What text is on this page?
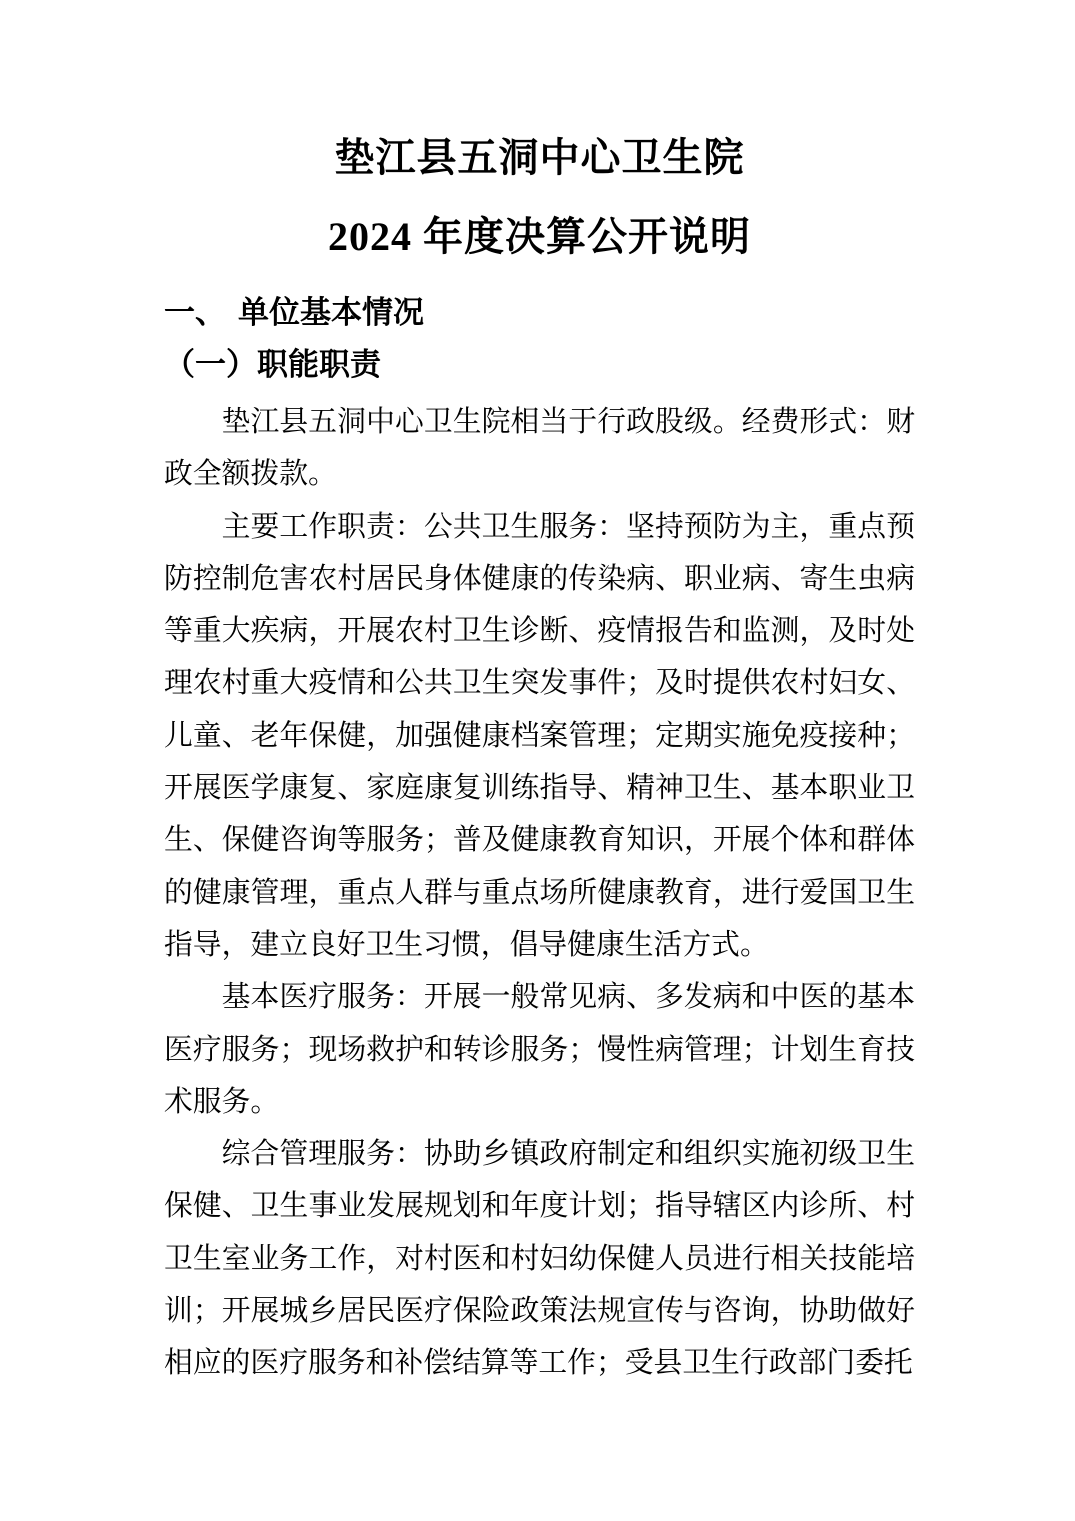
垫江县五洞中心卫生院
2024 年度决算公开说明
一、 单位基本情况
（一）职能职责

垫江县五洞中心卫生院相当于行政股级。经费形式：财政全额拨款。

主要工作职责：公共卫生服务：坚持预防为主，重点预防控制危害农村居民身体健康的传染病、职业病、寄生虫病等重大疾病，开展农村卫生诊断、疫情报告和监测，及时处理农村重大疫情和公共卫生突发事件；及时提供农村妇女、儿童、老年保健，加强健康档案管理；定期实施免疫接种；开展医学康复、家庭康复训练指导、精神卫生、基本职业卫生、保健咨询等服务；普及健康教育知识，开展个体和群体的健康管理，重点人群与重点场所健康教育，进行爱国卫生指导，建立良好卫生习惯，倡导健康生活方式。

基本医疗服务：开展一般常见病、多发病和中医的基本医疗服务；现场救护和转诊服务；慢性病管理；计划生育技术服务。

综合管理服务：协助乡镇政府制定和组织实施初级卫生保健、卫生事业发展规划和年度计划；指导辖区内诊所、村卫生室业务工作，对村医和村妇幼保健人员进行相关技能培训；开展城乡居民医疗保险政策法规宣传与咨询，协助做好相应的医疗服务和补偿结算等工作；受县卫生行政部门委托
